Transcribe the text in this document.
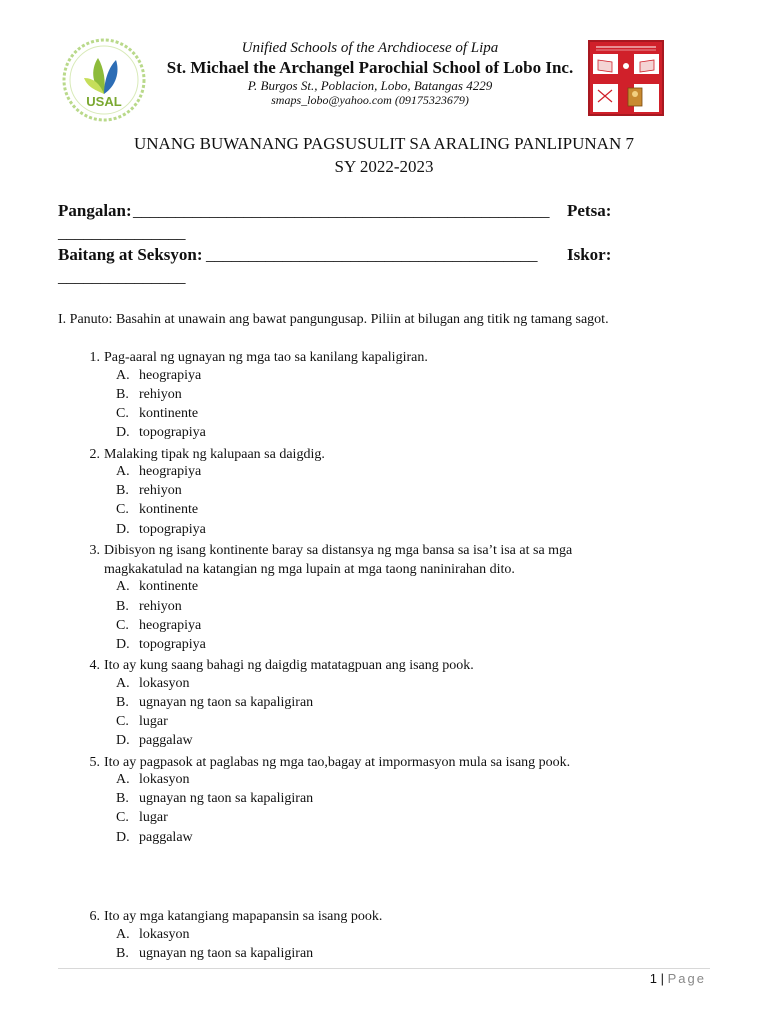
USAL
Unified Schools of the Archdiocese of Lipa
St. Michael the Archangel Parochial School of Lobo Inc.
P. Burgos St., Poblacion, Lobo, Batangas 4229
smaps_lobo@yahoo.com (09175323679)
UNANG BUWANANG PAGSUSULIT SA ARALING PANLIPUNAN 7
SY 2022-2023
Pangalan: _________________________________________________ Petsa:
_______________
Baitang at Seksyon: _______________________________________ Iskor:
_______________
I. Panuto: Basahin at unawain ang bawat pangungusap. Piliin at bilugan ang titik ng tamang sagot.
1. Pag-aaral ng ugnayan ng mga tao sa kanilang kapaligiran.
A. heograpiya
B. rehiyon
C. kontinente
D. topograpiya
2. Malaking tipak ng kalupaan sa daigdig.
A. heograpiya
B. rehiyon
C. kontinente
D. topograpiya
3. Dibisyon ng isang kontinente baray sa distansya ng mga bansa sa isa’t isa at sa mga
magkakatulad na katangian ng mga lupain at mga taong naninirahan dito.
A. kontinente
B. rehiyon
C. heograpiya
D. topograpiya
4. Ito ay kung saang bahagi ng daigdig matatagpuan ang isang pook.
A. lokasyon
B. ugnayan ng taon sa kapaligiran
C. lugar
D. paggalaw
5. Ito ay pagpasok at paglabas ng mga tao,bagay at impormasyon mula sa isang pook.
A. lokasyon
B. ugnayan ng taon sa kapaligiran
C. lugar
D. paggalaw
6. Ito ay mga katangiang mapapansin sa isang pook.
A. lokasyon
B. ugnayan ng taon sa kapaligiran
1 | Page
